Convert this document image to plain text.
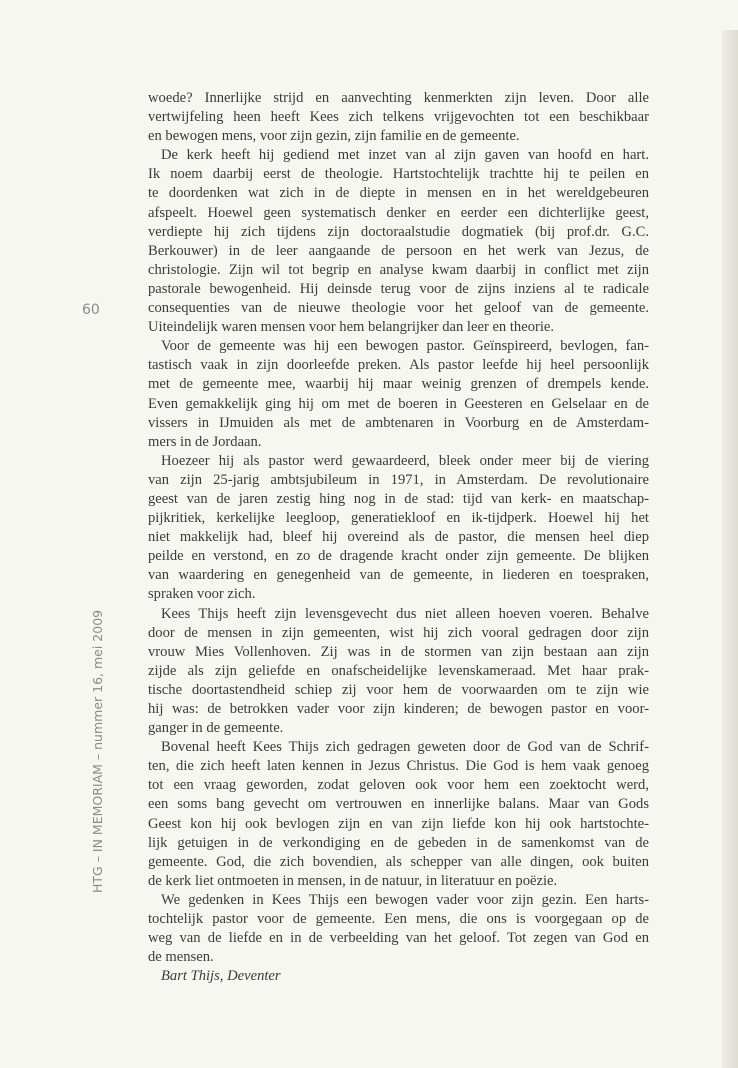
60
HTG – IN MEMORIAM – nummer 16, mei 2009
woede? Innerlijke strijd en aanvechting kenmerkten zijn leven. Door alle
vertwijfeling heen heeft Kees zich telkens vrijgevochten tot een beschikbaar
en bewogen mens, voor zijn gezin, zijn familie en de gemeente.
De kerk heeft hij gediend met inzet van al zijn gaven van hoofd en hart.
Ik noem daarbij eerst de theologie. Hartstochtelijk trachtte hij te peilen en
te doordenken wat zich in de diepte in mensen en in het wereldgebeuren
afspeelt. Hoewel geen systematisch denker en eerder een dichterlijke geest,
verdiepte hij zich tijdens zijn doctoraalstudie dogmatiek (bij prof.dr. G.C.
Berkouwer) in de leer aangaande de persoon en het werk van Jezus, de
christologie. Zijn wil tot begrip en analyse kwam daarbij in conflict met zijn
pastorale bewogenheid. Hij deinsde terug voor de zijns inziens al te radicale
consequenties van de nieuwe theologie voor het geloof van de gemeente.
Uiteindelijk waren mensen voor hem belangrijker dan leer en theorie.
Voor de gemeente was hij een bewogen pastor. Geïnspireerd, bevlogen, fan-
tastisch vaak in zijn doorleefde preken. Als pastor leefde hij heel persoonlijk
met de gemeente mee, waarbij hij maar weinig grenzen of drempels kende.
Even gemakkelijk ging hij om met de boeren in Geesteren en Gelselaar en de
vissers in IJmuiden als met de ambtenaren in Voorburg en de Amsterdam-
mers in de Jordaan.
Hoezeer hij als pastor werd gewaardeerd, bleek onder meer bij de viering
van zijn 25-jarig ambtsjubileum in 1971, in Amsterdam. De revolutionaire
geest van de jaren zestig hing nog in de stad: tijd van kerk- en maatschap-
pijkritiek, kerkelijke leegloop, generatiekloof en ik-tijdperk. Hoewel hij het
niet makkelijk had, bleef hij overeind als de pastor, die mensen heel diep
peilde en verstond, en zo de dragende kracht onder zijn gemeente. De blijken
van waardering en genegenheid van de gemeente, in liederen en toespraken,
spraken voor zich.
Kees Thijs heeft zijn levensgevecht dus niet alleen hoeven voeren. Behalve
door de mensen in zijn gemeenten, wist hij zich vooral gedragen door zijn
vrouw Mies Vollenhoven. Zij was in de stormen van zijn bestaan aan zijn
zijde als zijn geliefde en onafscheidelijke levenskameraad. Met haar prak-
tische doortastendheid schiep zij voor hem de voorwaarden om te zijn wie
hij was: de betrokken vader voor zijn kinderen; de bewogen pastor en voor-
ganger in de gemeente.
Bovenal heeft Kees Thijs zich gedragen geweten door de God van de Schrif-
ten, die zich heeft laten kennen in Jezus Christus. Die God is hem vaak genoeg
tot een vraag geworden, zodat geloven ook voor hem een zoektocht werd,
een soms bang gevecht om vertrouwen en innerlijke balans. Maar van Gods
Geest kon hij ook bevlogen zijn en van zijn liefde kon hij ook hartstochte-
lijk getuigen in de verkondiging en de gebeden in de samenkomst van de
gemeente. God, die zich bovendien, als schepper van alle dingen, ook buiten
de kerk liet ontmoeten in mensen, in de natuur, in literatuur en poëzie.
We gedenken in Kees Thijs een bewogen vader voor zijn gezin. Een harts-
tochtelijk pastor voor de gemeente. Een mens, die ons is voorgegaan op de
weg van de liefde en in de verbeelding van het geloof. Tot zegen van God en
de mensen.
Bart Thijs, Deventer
